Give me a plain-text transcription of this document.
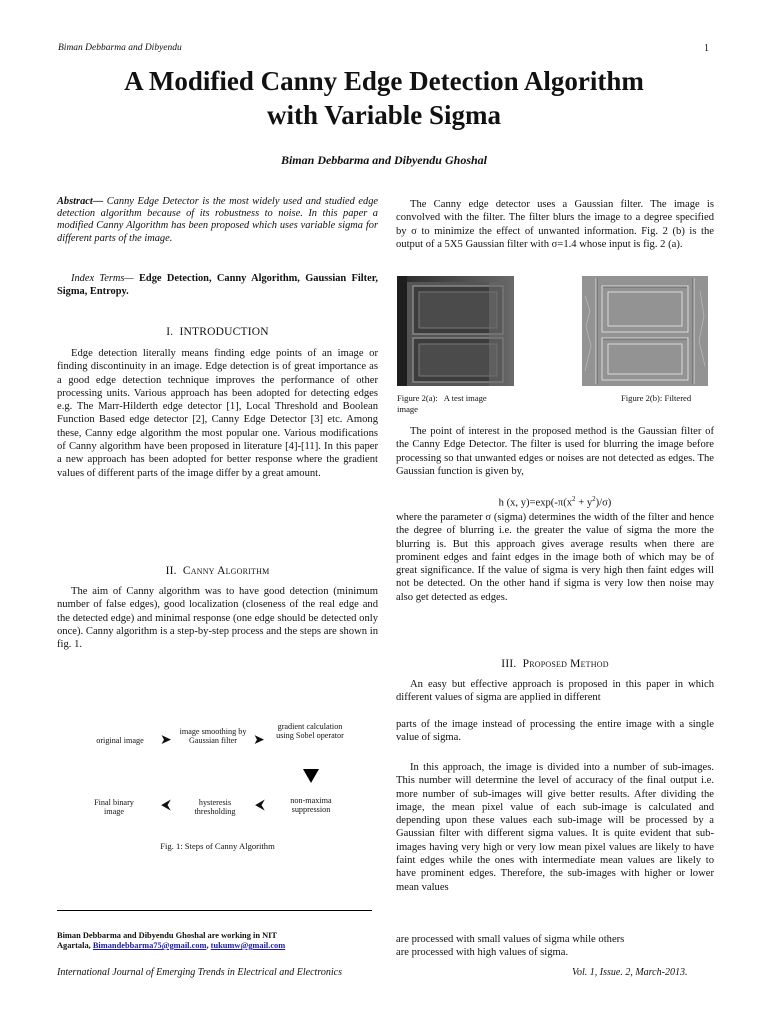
Biman Debbarma and Dibyendu	1
A Modified Canny Edge Detection Algorithm
with Variable Sigma
Biman Debbarma and Dibyendu Ghoshal
Abstract— Canny Edge Detector is the most widely used and studied edge detection algorithm because of its robustness to noise. In this paper a modified Canny Algorithm has been proposed which uses variable sigma for different parts of the image.
Index Terms— Edge Detection, Canny Algorithm, Gaussian Filter, Sigma, Entropy.
I.  INTRODUCTION
Edge detection literally means finding edge points of an image or finding discontinuity in an image. Edge detection is of great importance as a good edge detection technique improves the performance of other processing units. Various approach has been adopted for detecting edges e.g. The Marr-Hilderth edge detector [1], Local Threshold and Boolean Function Based edge detector [2], Canny Edge Detector [3] etc. Among these, Canny edge algorithm the most popular one. Various modifications of Canny algorithm have been proposed in literature [4]-[11]. In this paper a new approach has been adopted for better response where the gradient values of different parts of the image differ by a great amount.
II.  Canny Algorithm
The aim of Canny algorithm was to have good detection (minimum number of false edges), good localization (closeness of the real edge and the detected edge) and minimal response (one edge should be detected only once). Canny algorithm is a step-by-step process and the steps are shown in fig. 1.
original image	➤
image smoothing by Gaussian filter	➤
gradient calculation using Sobel operator
non-maxima suppression
⮜
hysteresis thresholding
⮜
Final binary image
Fig. 1: Steps of Canny Algorithm
Biman Debbarma and Dibyendu Ghoshal are working in NIT
Agartala, Bimandebbarma75@gmail.com, tukumw@gmail.com
The Canny edge detector uses a Gaussian filter. The image is convolved with the filter. The filter blurs the image to a degree specified by σ to minimize the effect of unwanted information. Fig. 2 (b) is the output of a 5X5 Gaussian filter with σ=1.4 whose input is fig. 2 (a).
Figure 2(a):   A test image
image
Figure 2(b): Filtered
The point of interest in the proposed method is the Gaussian filter of the Canny Edge Detector. The filter is used for blurring the image before processing so that unwanted edges or noises are not detected as edges. The Gaussian function is given by,
h (x, $y)=\exp(-\pi(x^2 + y^2)/\sigma)$
where the parameter σ (sigma) determines the width of the filter and hence the degree of blurring i.e. the greater the value of sigma the more the blurring is. But this approach gives average results when there are prominent edges and faint edges in the image both of which may be of great significance. If the value of sigma is very high then faint edges will not be detected. On the other hand if sigma is very low then noise may also get detected as edges.
III.  Proposed Method
An easy but effective approach is proposed in this paper in which different values of sigma are applied in different
parts of the image instead of processing the entire image with a single value of sigma.
In this approach, the image is divided into a number of sub-images. This number will determine the level of accuracy of the final output i.e. more number of sub-images will give better results. After dividing the image, the mean pixel value of each sub-image is calculated and depending upon these values each sub-image will be processed by a Gaussian filter with different sigma values. It is quite evident that sub-images having very high or very low mean pixel values are likely to have faint edges while the ones with intermediate mean values are likely to have prominent edges. Therefore, the sub-images with higher or lower mean values
are processed with small values of sigma while others
are processed with high values of sigma.
International Journal of Emerging Trends in Electrical and Electronics	Vol. 1, Issue. 2, March-2013.
